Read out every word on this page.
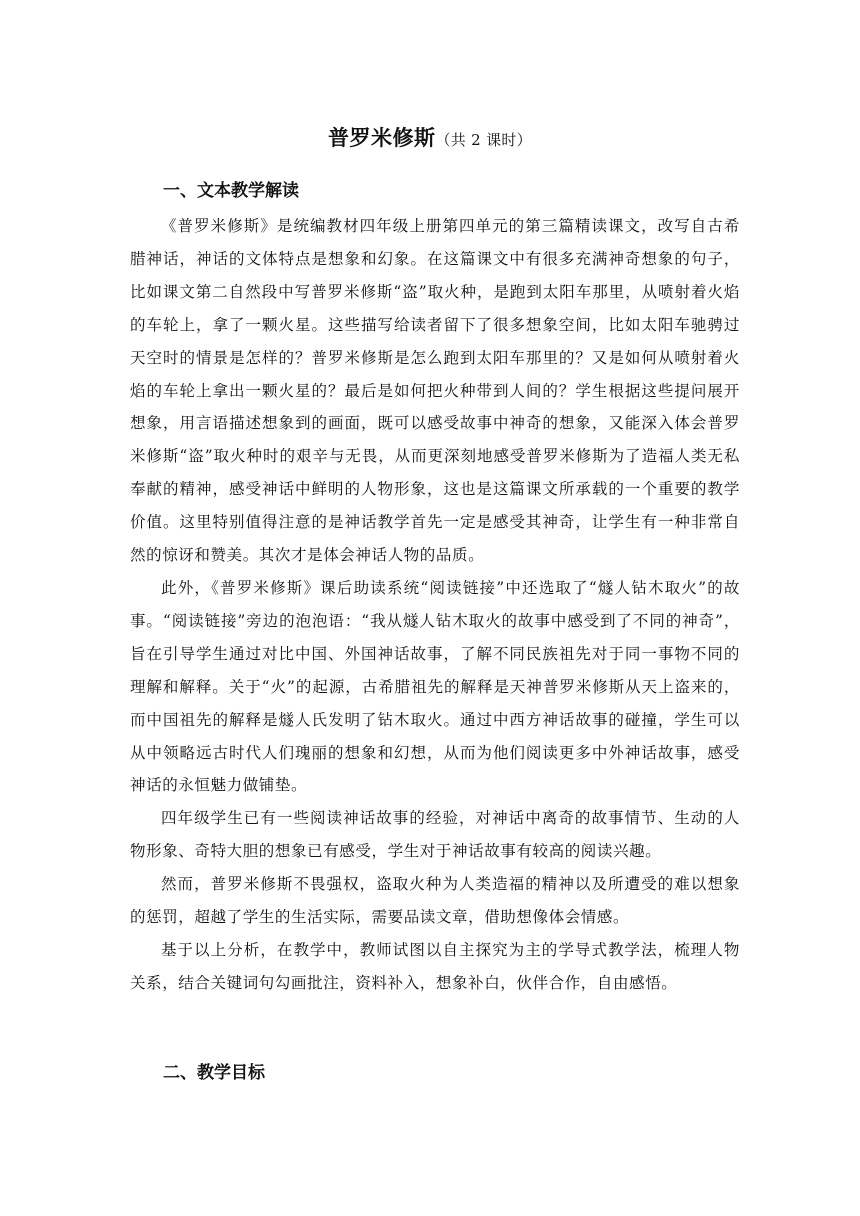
普罗米修斯（共 2 课时）
一、文本教学解读

《普罗米修斯》是统编教材四年级上册第四单元的第三篇精读课文，改写自古希腊神话，神话的文体特点是想象和幻象。在这篇课文中有很多充满神奇想象的句子，比如课文第二自然段中写普罗米修斯“盗”取火种，是跑到太阳车那里，从喷射着火焰的车轮上，拿了一颗火星。这些描写给读者留下了很多想象空间，比如太阳车驰骋过天空时的情景是怎样的？普罗米修斯是怎么跑到太阳车那里的？又是如何从喷射着火焰的车轮上拿出一颗火星的？最后是如何把火种带到人间的？学生根据这些提问展开想象，用言语描述想象到的画面，既可以感受故事中神奇的想象，又能深入体会普罗米修斯“盗”取火种时的艰辛与无畏，从而更深刻地感受普罗米修斯为了造福人类无私奉献的精神，感受神话中鲜明的人物形象，这也是这篇课文所承载的一个重要的教学价值。这里特别值得注意的是神话教学首先一定是感受其神奇，让学生有一种非常自然的惊讶和赞美。其次才是体会神话人物的品质。

此外，《普罗米修斯》课后助读系统“阅读链接”中还选取了“燧人钻木取火”的故事。“阅读链接”旁边的泡泡语：“我从燧人钻木取火的故事中感受到了不同的神奇”，旨在引导学生通过对比中国、外国神话故事，了解不同民族祖先对于同一事物不同的理解和解释。关于“火”的起源，古希腊祖先的解释是天神普罗米修斯从天上盗来的，而中国祖先的解释是燧人氏发明了钻木取火。通过中西方神话故事的碰撞，学生可以从中领略远古时代人们瑰丽的想象和幻想，从而为他们阅读更多中外神话故事，感受神话的永恒魅力做铺垫。

四年级学生已有一些阅读神话故事的经验，对神话中离奇的故事情节、生动的人物形象、奇特大胆的想象已有感受，学生对于神话故事有较高的阅读兴趣。

然而，普罗米修斯不畏强权，盗取火种为人类造福的精神以及所遭受的难以想象的惩罚，超越了学生的生活实际，需要品读文章，借助想像体会情感。

基于以上分析，在教学中，教师试图以自主探究为主的学导式教学法，梳理人物关系，结合关键词句勾画批注，资料补入，想象补白，伙伴合作，自由感悟。

二、教学目标
